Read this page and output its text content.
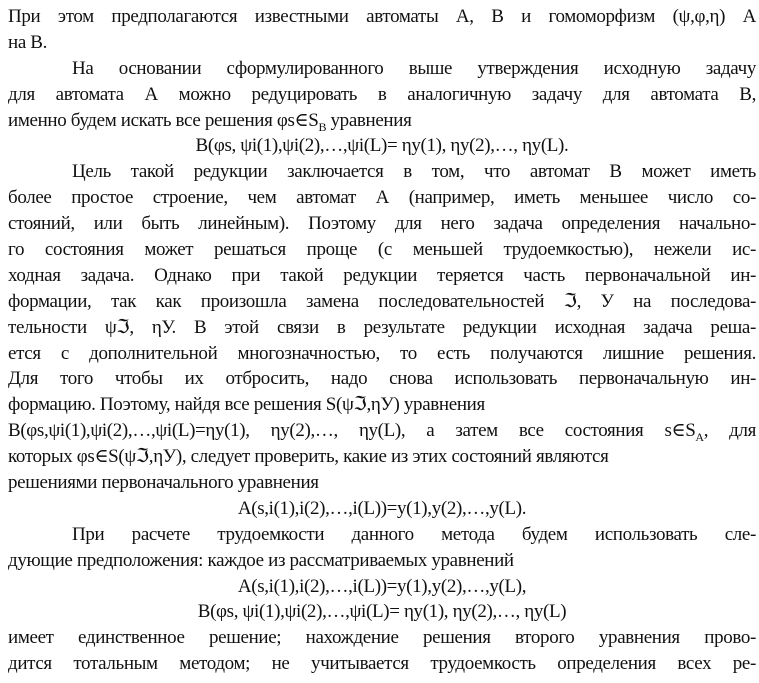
При этом предполагаются известными автоматы А, В и гомоморфизм (ψ,φ,η) А
на В.
На основании сформулированного выше утверждения исходную задачу
для автомата А можно редуцировать в аналогичную задачу для автомата В,
именно будем искать все решения $\varphi s\in S_B$ уравнения
B(φs, ψi(1),ψi(2),…,ψi(L)= ηy(1), ηy(2),…, ηy(L).
Цель такой редукции заключается в том, что автомат В может иметь
более простое строение, чем автомат А (например, иметь меньшее число со-
стояний, или быть линейным). Поэтому для него задача определения начально-
го состояния может решаться проще (с меньшей трудоемкостью), нежели ис-
ходная задача. Однако при такой редукции теряется часть первоначальной ин-
формации, так как произошла замена последовательностей ℑ, У на последова-
тельности ψℑ, ηУ. В этой связи в результате редукции исходная задача реша-
ется с дополнительной многозначностью, то есть получаются лишние решения.
Для того чтобы их отбросить, надо снова использовать первоначальную ин-
формацию. Поэтому, найдя все решения S(ψℑ,ηУ) уравнения
B(φs,ψi(1),ψi(2),…,ψi(L)=ηy(1), ηy(2),…, ηy(L), а затем все состояния $s\in S_A$, для
которых φs∈S(ψℑ,ηУ), следует проверить, какие из этих состояний являются
решениями первоначального уравнения
A(s,i(1),i(2),…,i(L))=y(1),y(2),…,y(L).
При расчете трудоемкости данного метода будем использовать сле-
дующие предположения: каждое из рассматриваемых уравнений
A(s,i(1),i(2),…,i(L))=y(1),y(2),…,y(L),
B(φs, ψi(1),ψi(2),…,ψi(L)= ηy(1), ηy(2),…, ηy(L)
имеет единственное решение; нахождение решения второго уравнения прово-
дится тотальным методом; не учитывается трудоемкость определения всех ре-
